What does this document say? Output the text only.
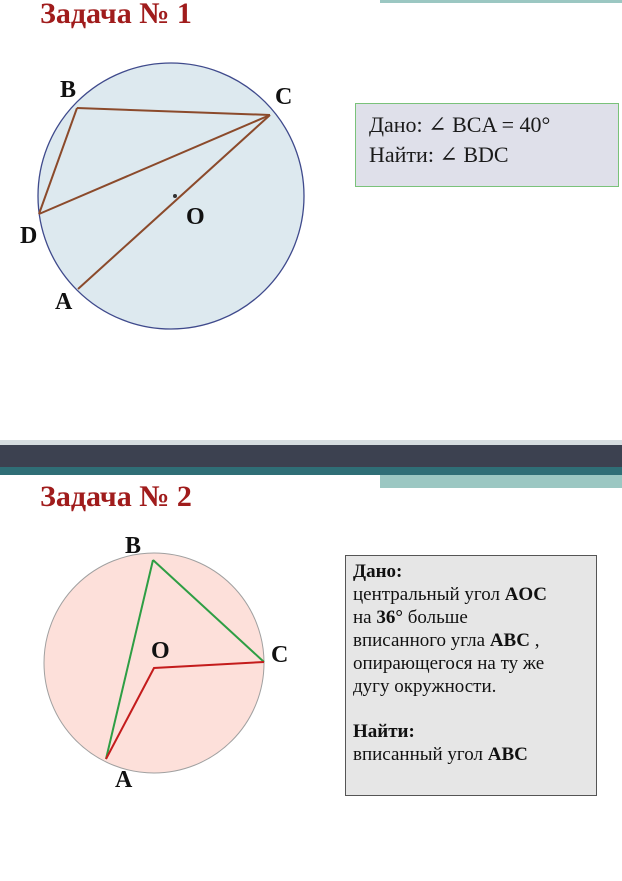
Задача № 1
B	C
D
A
O
Дано: ∠ BCA = 40°
Найти: ∠ BDC
Задача № 2
B
O	C
A
Дано:
центральный угол AOC
на 36° больше
вписанного угла ABC ,
опирающегося на ту же
дугу окружности.
Найти:
вписанный угол ABC
